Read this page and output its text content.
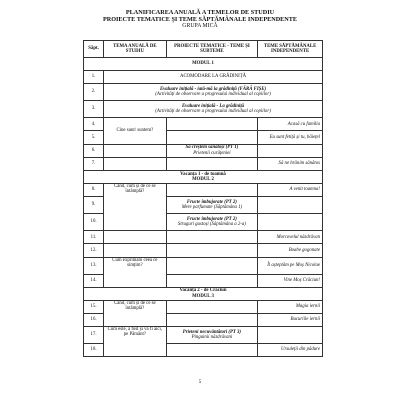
PLANIFICAREA ANUALĂ A TEMELOR DE STUDIU
PROIECTE TEMATICE ȘI TEME SĂPTĂMÂNALE INDEPENDENTE
GRUPA MICĂ
Săpt.	TEMA ANUALĂ DE STUDIU	PROIECTE TEMATICE - TEME ȘI SUBTEME	TEME SĂPTĂMÂNALE INDEPENDENTE
MODUL 1			
1.	ACOMODARE LA GRĂDINIȚĂ		
2.	Evaluare inițială - iată-mă la grădiniță (FĂRĂ FIȘE)
(Activități de observare a progresului individual al copiilor)		

3.	Evaluare inițială - La grădiniță
(Activități de observare a progresului individual al copiilor)		

4.	Cine sunt/ suntem?		Acasă cu familia
5.			Eu sunt fetiță și tu, băiețel
6.		Să creștem sănătoși (PT 1)
Prietenii curățeniei	

7.			Să ne hrănim sănătos
Vacanța 1 - de toamnă
MODUL 2			
8.	Când, cum și de ce se întâmplă?		A venit toamna!
9.		Fructe îmbujorate (PT 2)
Mere parfumate (Săptămâna 1)	

10.		Fructe îmbujorate (PT 2)
Struguri gustoși (Săptămâna a 2-a)	

11.			Morcovelul năzdrăvan
12.			Boabe gogonate
13.	Cum exprimăm ceea ce simțim?		Îl așteptăm pe Moș Nicolae
14.			Vine Moș Crăciun!
Vacanța 2 - de Crăciun
MODUL 3			
15.	Când, cum și de ce se întâmplă?		Magia iernii
16.			Bucuriile iernii
17.	Cum este, a fost și va fi aici, pe Pământ?	Prieteni necuvântători (PT 3)
Pinguinii năzdrăvani	

18.			Ursuleții din pădure
5
